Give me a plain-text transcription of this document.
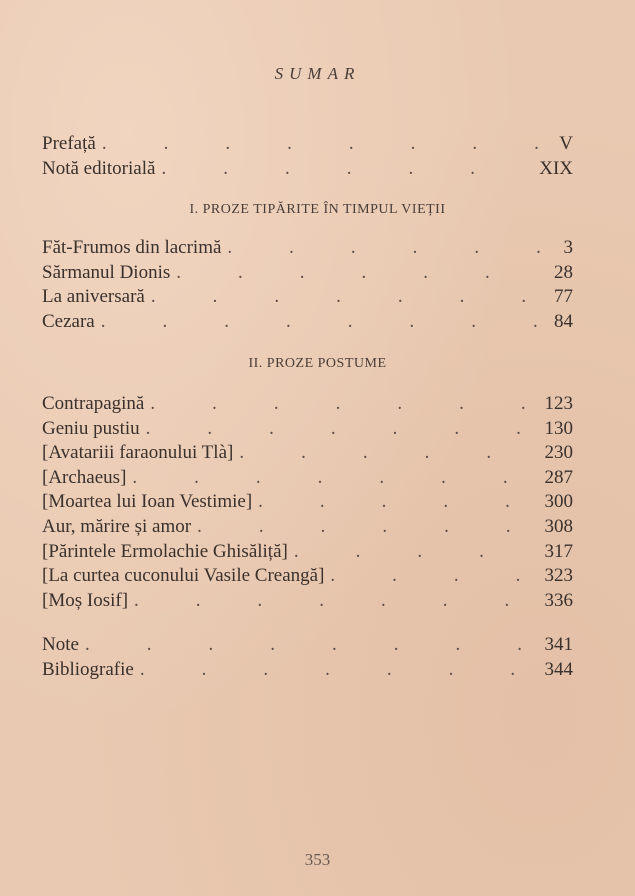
SUMAR
Prefață .	V
Notă editorială .	XIX
I. PROZE TIPĂRITE ÎN TIMPUL VIEȚII
Făt-Frumos din lacrimă .	3
Sărmanul Dionis .	28
La aniversară .	77
Cezara .	84
II. PROZE POSTUME
Contrapagină .	123
Geniu pustiu .	130
[Avatariii faraonului Tlà] .	230
[Archaeus] .	287
[Moartea lui Ioan Vestimie] .	300
Aur, mărire și amor .	308
[Părintele Ermolachie Ghisăliță] .	317
[La curtea cuconului Vasile Creangă] .	323
[Moș Iosif] .	336
Note .	341
Bibliografie .	344
353
